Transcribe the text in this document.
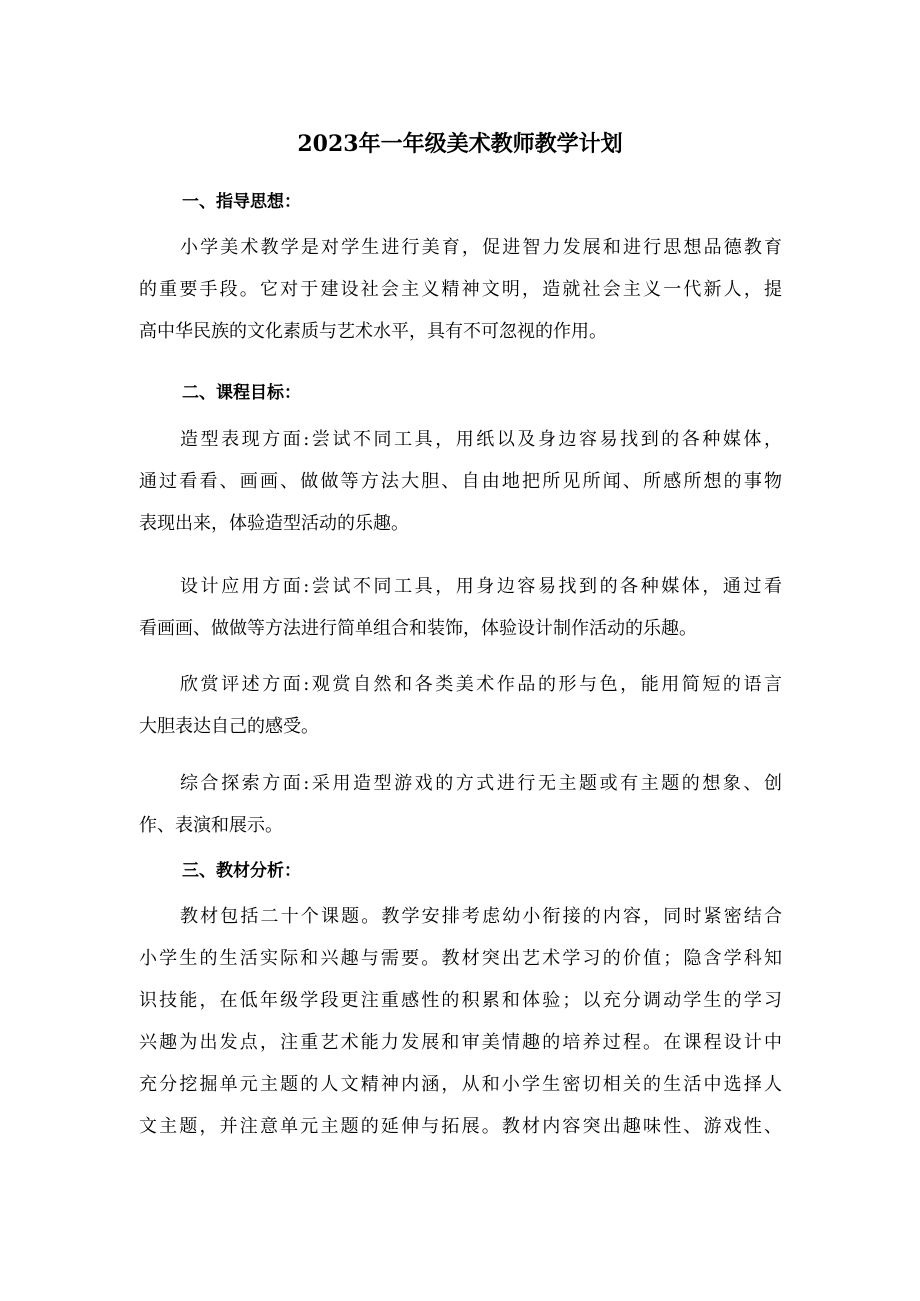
2023年一年级美术教师教学计划
一、指导思想：
小学美术教学是对学生进行美育，促进智力发展和进行思想品德教育
的重要手段。它对于建设社会主义精神文明，造就社会主义一代新人，提
高中华民族的文化素质与艺术水平，具有不可忽视的作用。
二、课程目标：
造型表现方面:尝试不同工具，用纸以及身边容易找到的各种媒体，
通过看看、画画、做做等方法大胆、自由地把所见所闻、所感所想的事物
表现出来，体验造型活动的乐趣。
设计应用方面:尝试不同工具，用身边容易找到的各种媒体，通过看
看画画、做做等方法进行简单组合和装饰，体验设计制作活动的乐趣。
欣赏评述方面:观赏自然和各类美术作品的形与色，能用简短的语言
大胆表达自己的感受。
综合探索方面:采用造型游戏的方式进行无主题或有主题的想象、创
作、表演和展示。
三、教材分析：
教材包括二十个课题。教学安排考虑幼小衔接的内容，同时紧密结合
小学生的生活实际和兴趣与需要。教材突出艺术学习的价值；隐含学科知
识技能，在低年级学段更注重感性的积累和体验；以充分调动学生的学习
兴趣为出发点，注重艺术能力发展和审美情趣的培养过程。在课程设计中
充分挖掘单元主题的人文精神内涵，从和小学生密切相关的生活中选择人
文主题，并注意单元主题的延伸与拓展。教材内容突出趣味性、游戏性、
